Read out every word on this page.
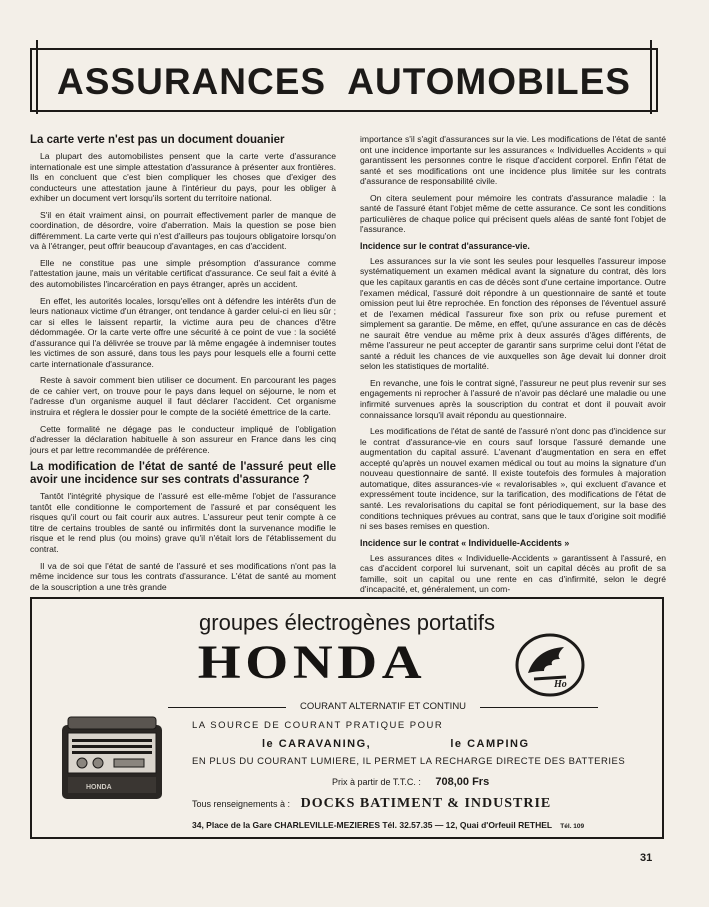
ASSURANCES  AUTOMOBILES
La carte verte n'est pas un document douanier

La plupart des automobilistes pensent que la carte verte d'assurance internationale est une simple attestation d'assurance à présenter aux frontières. Ils en concluent que c'est bien compliquer les choses que d'exiger des conducteurs une attestation jaune à l'intérieur du pays, pour les obliger à exhiber un document vert lorsqu'ils sortent du territoire national.

S'il en était vraiment ainsi, on pourrait effectivement parler de manque de coordination, de désordre, voire d'aberration. Mais la question se pose bien différemment. La carte verte qui n'est d'ailleurs pas toujours obligatoire lorsqu'on va à l'étranger, peut offrir beaucoup d'avantages, en cas d'accident.

Elle ne constitue pas une simple présomption d'assurance comme l'attestation jaune, mais un véritable certificat d'assurance. Ce seul fait a évité à des automobilistes l'incarcération en pays étranger, après un accident.

En effet, les autorités locales, lorsqu'elles ont à défendre les intérêts d'un de leurs nationaux victime d'un étranger, ont tendance à garder celui-ci en lieu sûr ; car si elles le laissent repartir, la victime aura peu de chances d'être dédommagée. Or la carte verte offre une sécurité à ce point de vue : la société d'assurance qui l'a délivrée se trouve par là même engagée à indemniser toutes les victimes de son assuré, dans tous les pays pour lesquels elle a fourni cette carte internationale d'assurance.

Reste à savoir comment bien utiliser ce document. En parcourant les pages de ce cahier vert, on trouve pour le pays dans lequel on séjourne, le nom et l'adresse d'un organisme auquel il faut déclarer l'accident. Cet organisme instruira et réglera le dossier pour le compte de la société émettrice de la carte.

Cette formalité ne dégage pas le conducteur impliqué de l'obligation d'adresser la déclaration habituelle à son assureur en France dans les cinq jours et par lettre recommandée de préférence.

La modification de l'état de santé de l'assuré peut elle avoir une incidence sur ses contrats d'assurance ?

Tantôt l'intégrité physique de l'assuré est elle-même l'objet de l'assurance tantôt elle conditionne le comportement de l'assuré et par conséquent les risques qu'il court ou fait courir aux autres. L'assureur peut tenir compte à ce titre de certains troubles de santé ou infirmités dont la survenance modifie le risque et le rend plus (ou moins) grave qu'il n'était lors de l'établissement du contrat.

Il va de soi que l'état de santé de l'assuré et ses modifications n'ont pas la même incidence sur tous les contrats d'assurance. L'état de santé au moment de la souscription a une très grande

importance s'il s'agit d'assurances sur la vie. Les modifications de l'état de santé ont une incidence importante sur les assurances « Individuelles Accidents » qui garantissent les personnes contre le risque d'accident corporel. Enfin l'état de santé et ses modifications ont une incidence plus limitée sur les contrats d'assurance de responsabilité civile.

On citera seulement pour mémoire les contrats d'assurance maladie : la santé de l'assuré étant l'objet même de cette assurance. Ce sont les conditions particulières de chaque police qui précisent quels aléas de santé font l'objet de l'assurance.

Incidence sur le contrat d'assurance-vie.

Les assurances sur la vie sont les seules pour lesquelles l'assureur impose systématiquement un examen médical avant la signature du contrat, dès lors que les capitaux garantis en cas de décès sont d'une certaine importance. Outre l'examen médical, l'assuré doit répondre à un questionnaire de santé et toute omission peut lui être reprochée. En fonction des réponses de l'éventuel assuré et de l'examen médical l'assureur fixe son prix ou refuse purement et simplement sa garantie. De même, en effet, qu'une assurance en cas de décès ne saurait être vendue au même prix à deux assurés d'âges différents, de même l'assureur ne peut accepter de garantir sans surprime celui dont l'état de santé a réduit les chances de vie auxquelles son âge devait lui donner droit selon les statistiques de mortalité.

En revanche, une fois le contrat signé, l'assureur ne peut plus revenir sur ses engagements ni reprocher à l'assuré de n'avoir pas déclaré une maladie ou une infirmité survenues après la souscription du contrat et dont il pouvait avoir connaissance lorsqu'il avait répondu au questionnaire.

Les modifications de l'état de santé de l'assuré n'ont donc pas d'incidence sur le contrat d'assurance-vie en cours sauf lorsque l'assuré demande une augmentation du capital assuré. L'avenant d'augmentation en sera en effet accepté qu'après un nouvel examen médical ou tout au moins la signature d'un nouveau questionnaire de santé. Il existe toutefois des formules à majoration automatique, dites assurances-vie « revalorisables », qui excluent d'avance et expressément toute incidence, sur la tarification, des modifications de l'état de santé. Les revalorisations du capital se font périodiquement, sur la base des conditions techniques prévues au contrat, sans que le taux d'origine soit modifié ni ses bases remises en question.

Incidence sur le contrat « Individuelle-Accidents »

Les assurances dites « Individuelle-Accidents » garantissent à l'assuré, en cas d'accident corporel lui survenant, soit un capital décès au profit de sa famille, soit un capital ou une rente en cas d'infirmité, selon le degré d'incapacité, et, généralement, un com-

groupes électrogènes portatifs
HONDA	Ho
COURANT ALTERNATIF ET CONTINU
LA SOURCE DE COURANT PRATIQUE POUR
le CARAVANING,	le CAMPING
EN PLUS DU COURANT LUMIERE, IL PERMET LA RECHARGE DIRECTE DES BATTERIES
Prix à partir de T.T.C. : 708,00 Frs
Tous renseignements à : DOCKS BATIMENT & INDUSTRIE
34, Place de la Gare CHARLEVILLE-MEZIERES Tél. 32.57.35 — 12, Quai d'Orfeuil RETHEL Tél. 109
HONDA
31
